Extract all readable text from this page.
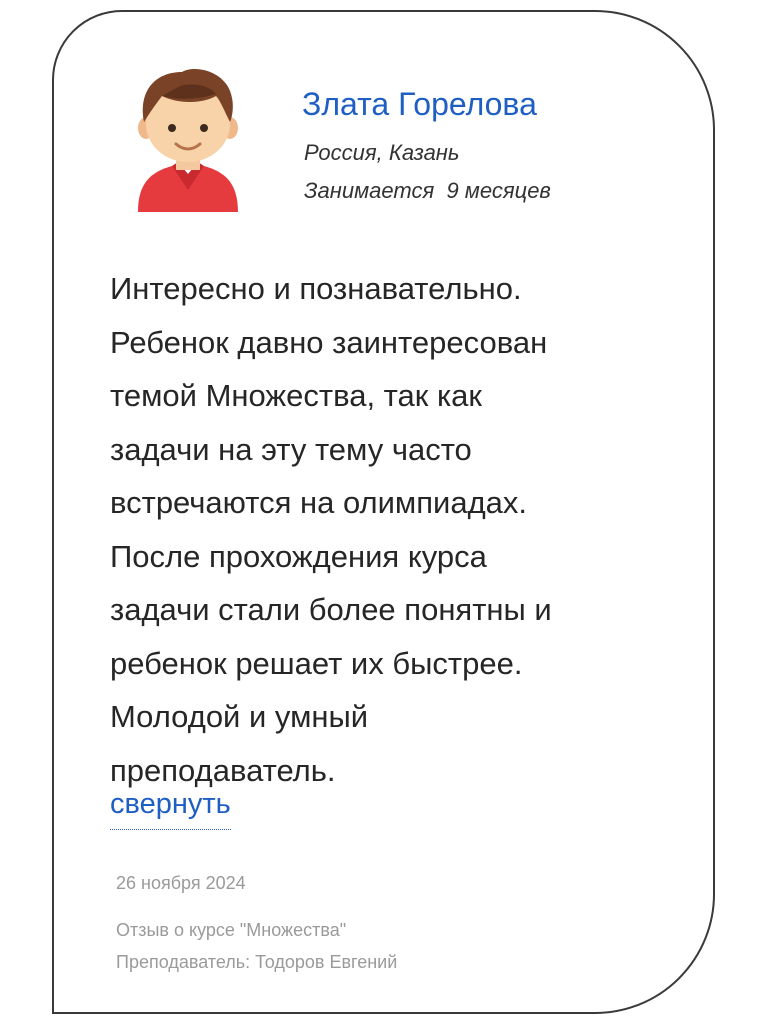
Злата Горелова
Россия, Казань
Занимается  9 месяцев
Интересно и познавательно.
Ребенок давно заинтересован
темой Множества, так как
задачи на эту тему часто
встречаются на олимпиадах.
После прохождения курса
задачи стали более понятны и
ребенок решает их быстрее.
Молодой и умный
преподаватель.
свернуть
26 ноября 2024
Отзыв о курсе "Множества"
Преподаватель: Тодоров Евгений
